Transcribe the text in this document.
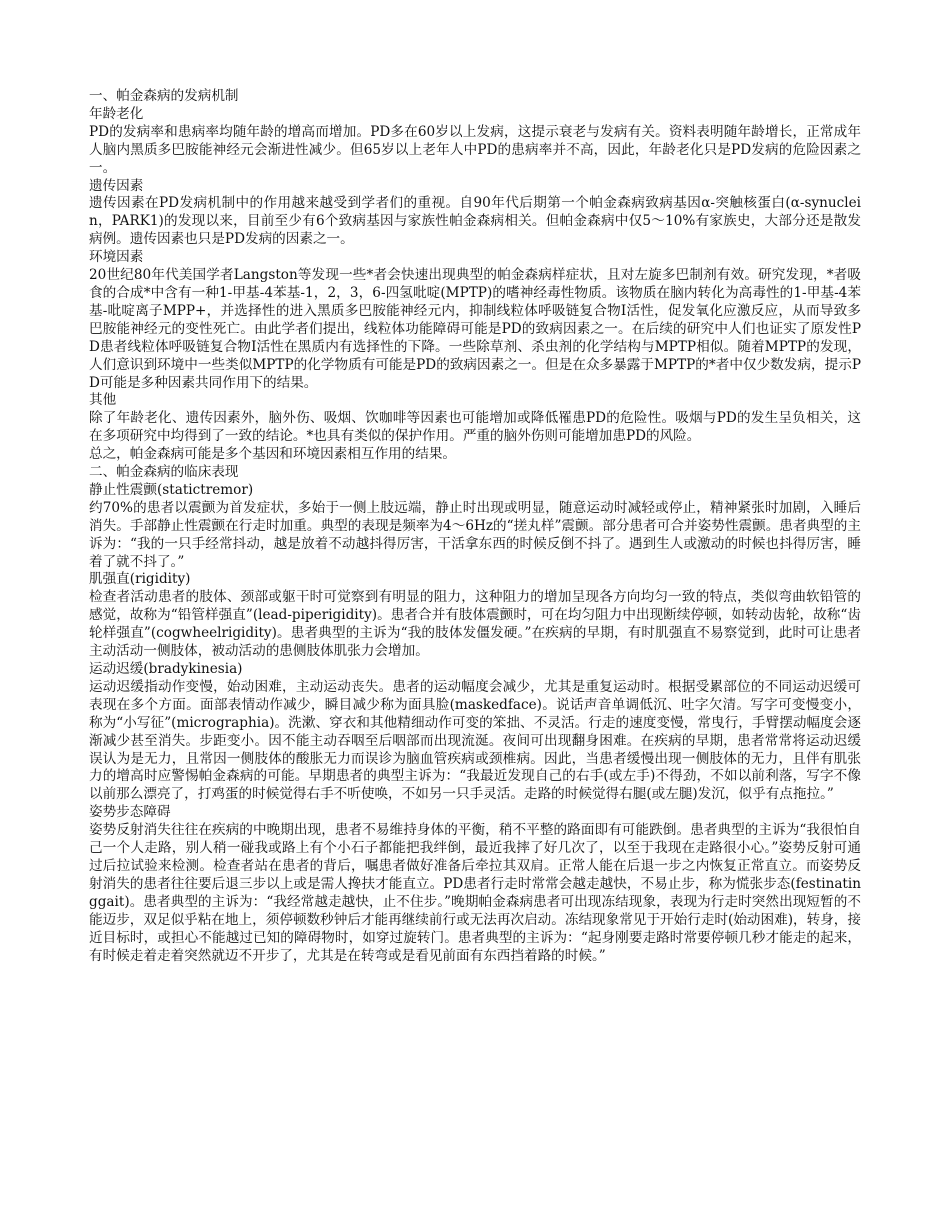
一、帕金森病的发病机制

年龄老化

PD的发病率和患病率均随年龄的增高而增加。PD多在60岁以上发病，这提示衰老与发病有关。资料表明随年龄增长，正常成年人脑内黑质多巴胺能神经元会渐进性减少。但65岁以上老年人中PD的患病率并不高，因此，年龄老化只是PD发病的危险因素之一。

遗传因素

遗传因素在PD发病机制中的作用越来越受到学者们的重视。自90年代后期第一个帕金森病致病基因α-突触核蛋白(α-synuclein，PARK1)的发现以来，目前至少有6个致病基因与家族性帕金森病相关。但帕金森病中仅5～10%有家族史，大部分还是散发病例。遗传因素也只是PD发病的因素之一。

环境因素

20世纪80年代美国学者Langston等发现一些*者会快速出现典型的帕金森病样症状，且对左旋多巴制剂有效。研究发现，*者吸食的合成*中含有一种1-甲基-4苯基-1，2，3，6-四氢吡啶(MPTP)的嗜神经毒性物质。该物质在脑内转化为高毒性的1-甲基-4苯基-吡啶离子MPP+，并选择性的进入黑质多巴胺能神经元内，抑制线粒体呼吸链复合物Ⅰ活性，促发氧化应激反应，从而导致多巴胺能神经元的变性死亡。由此学者们提出，线粒体功能障碍可能是PD的致病因素之一。在后续的研究中人们也证实了原发性PD患者线粒体呼吸链复合物Ⅰ活性在黑质内有选择性的下降。一些除草剂、杀虫剂的化学结构与MPTP相似。随着MPTP的发现，人们意识到环境中一些类似MPTP的化学物质有可能是PD的致病因素之一。但是在众多暴露于MPTP的*者中仅少数发病，提示PD可能是多种因素共同作用下的结果。

其他

除了年龄老化、遗传因素外，脑外伤、吸烟、饮咖啡等因素也可能增加或降低罹患PD的危险性。吸烟与PD的发生呈负相关，这在多项研究中均得到了一致的结论。*也具有类似的保护作用。严重的脑外伤则可能增加患PD的风险。

总之，帕金森病可能是多个基因和环境因素相互作用的结果。

二、帕金森病的临床表现

静止性震颤(statictremor)

约70%的患者以震颤为首发症状，多始于一侧上肢远端，静止时出现或明显，随意运动时减轻或停止，精神紧张时加剧，入睡后消失。手部静止性震颤在行走时加重。典型的表现是频率为4～6Hz的“搓丸样”震颤。部分患者可合并姿势性震颤。患者典型的主诉为：“我的一只手经常抖动，越是放着不动越抖得厉害，干活拿东西的时候反倒不抖了。遇到生人或激动的时候也抖得厉害，睡着了就不抖了。”

肌强直(rigidity)

检查者活动患者的肢体、颈部或躯干时可觉察到有明显的阻力，这种阻力的增加呈现各方向均匀一致的特点，类似弯曲软铅管的感觉，故称为“铅管样强直”(lead-piperigidity)。患者合并有肢体震颤时，可在均匀阻力中出现断续停顿，如转动齿轮，故称“齿轮样强直”(cogwheelrigidity)。患者典型的主诉为“我的肢体发僵发硬。”在疾病的早期，有时肌强直不易察觉到，此时可让患者主动活动一侧肢体，被动活动的患侧肢体肌张力会增加。

运动迟缓(bradykinesia)

运动迟缓指动作变慢，始动困难，主动运动丧失。患者的运动幅度会减少，尤其是重复运动时。根据受累部位的不同运动迟缓可表现在多个方面。面部表情动作减少，瞬目减少称为面具脸(maskedface)。说话声音单调低沉、吐字欠清。写字可变慢变小，称为“小写征”(micrographia)。洗漱、穿衣和其他精细动作可变的笨拙、不灵活。行走的速度变慢，常曳行，手臂摆动幅度会逐渐减少甚至消失。步距变小。因不能主动吞咽至后咽部而出现流涎。夜间可出现翻身困难。在疾病的早期，患者常常将运动迟缓误认为是无力，且常因一侧肢体的酸胀无力而误诊为脑血管疾病或颈椎病。因此，当患者缓慢出现一侧肢体的无力，且伴有肌张力的增高时应警惕帕金森病的可能。早期患者的典型主诉为：“我最近发现自己的右手(或左手)不得劲，不如以前利落，写字不像以前那么漂亮了，打鸡蛋的时候觉得右手不听使唤，不如另一只手灵活。走路的时候觉得右腿(或左腿)发沉，似乎有点拖拉。”

姿势步态障碍

姿势反射消失往往在疾病的中晚期出现，患者不易维持身体的平衡，稍不平整的路面即有可能跌倒。患者典型的主诉为“我很怕自己一个人走路，别人稍一碰我或路上有个小石子都能把我绊倒，最近我摔了好几次了，以至于我现在走路很小心。”姿势反射可通过后拉试验来检测。检查者站在患者的背后，嘱患者做好准备后牵拉其双肩。正常人能在后退一步之内恢复正常直立。而姿势反射消失的患者往往要后退三步以上或是需人搀扶才能直立。PD患者行走时常常会越走越快，不易止步，称为慌张步态(festinatinggait)。患者典型的主诉为：“我经常越走越快，止不住步。”晚期帕金森病患者可出现冻结现象，表现为行走时突然出现短暂的不能迈步，双足似乎粘在地上，须停顿数秒钟后才能再继续前行或无法再次启动。冻结现象常见于开始行走时(始动困难)，转身，接近目标时，或担心不能越过已知的障碍物时，如穿过旋转门。患者典型的主诉为：“起身刚要走路时常要停顿几秒才能走的起来，有时候走着走着突然就迈不开步了，尤其是在转弯或是看见前面有东西挡着路的时候。”
